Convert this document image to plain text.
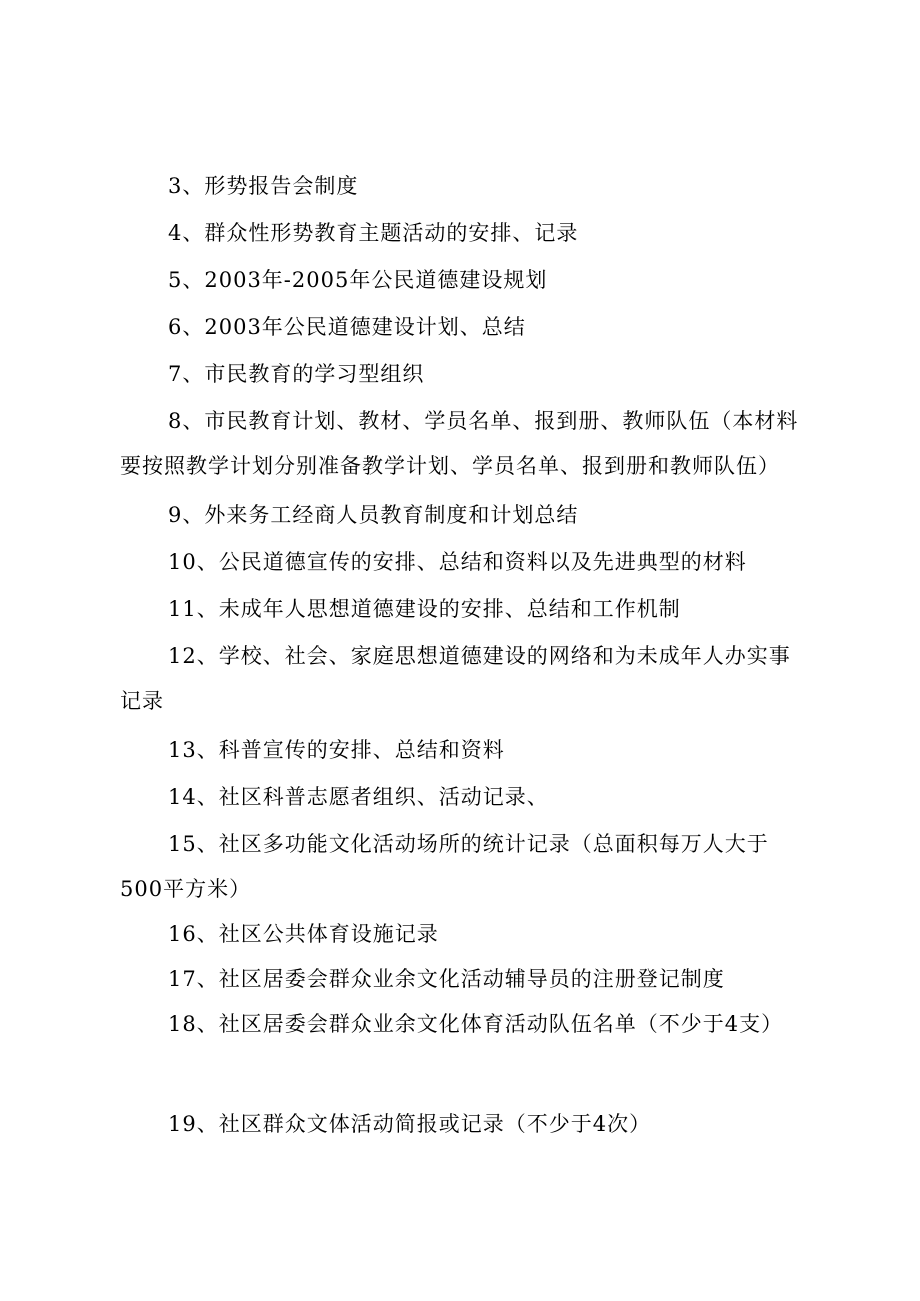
3、形势报告会制度

4、群众性形势教育主题活动的安排、记录

5、2003年-2005年公民道德建设规划

6、2003年公民道德建设计划、总结

7、市民教育的学习型组织

8、市民教育计划、教材、学员名单、报到册、教师队伍（本材料要按照教学计划分别准备教学计划、学员名单、报到册和教师队伍）

9、外来务工经商人员教育制度和计划总结

10、公民道德宣传的安排、总结和资料以及先进典型的材料

11、未成年人思想道德建设的安排、总结和工作机制

12、学校、社会、家庭思想道德建设的网络和为未成年人办实事记录

13、科普宣传的安排、总结和资料

14、社区科普志愿者组织、活动记录、

15、社区多功能文化活动场所的统计记录（总面积每万人大于500平方米）

16、社区公共体育设施记录

17、社区居委会群众业余文化活动辅导员的注册登记制度

18、社区居委会群众业余文化体育活动队伍名单（不少于4支）

19、社区群众文体活动简报或记录（不少于4次）
